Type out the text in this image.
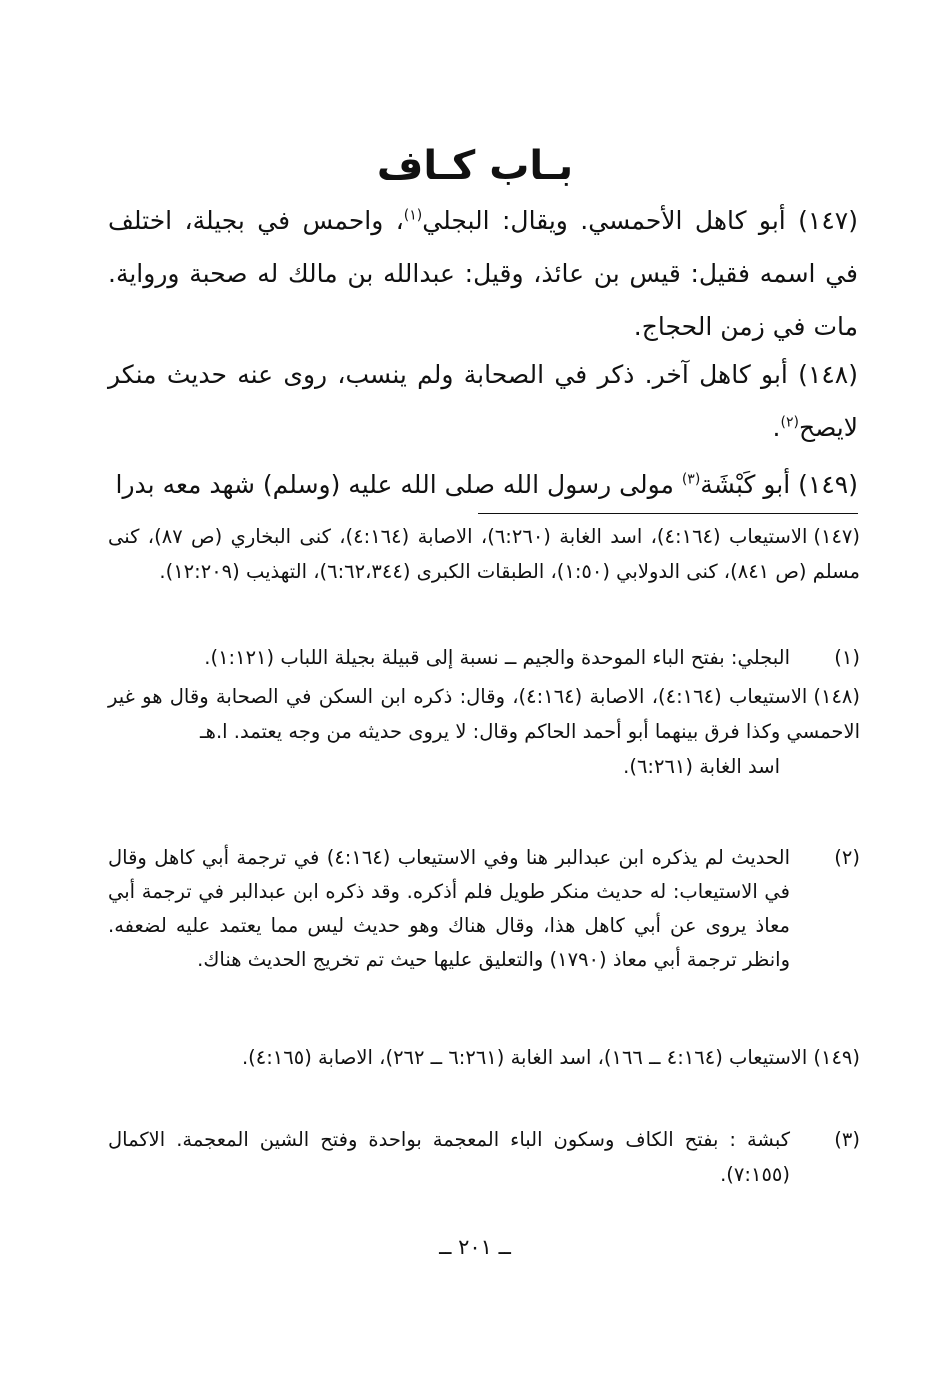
بـاب كـاف
(١٤٧) أبو كاهل الأحمسي. ويقال: البجلي$^{(١)}$، واحمس في بجيلة، اختلف في اسمه فقيل: قيس بن عائذ، وقيل: عبدالله بن مالك له صحبة ورواية. مات في زمن الحجاج.
(١٤٨) أبو كاهل آخر. ذكر في الصحابة ولم ينسب، روى عنه حديث منكر لايصح$^{(٢)}$.
(١٤٩) أبو كَبْشَة$^{(٣)}$ مولى رسول الله صلى الله عليه (وسلم) شهد معه بدرا
(١٤٧)
الاستيعاب (٤:١٦٤)، اسد الغابة (٦:٢٦٠)، الاصابة (٤:١٦٤)، كنى البخاري (ص ٨٧)، كنى مسلم (ص ٨٤١)، كنى الدولابي (١:٥٠)، الطبقات الكبرى (٦:٦٢،٣٤٤)، التهذيب (١٢:٢٠٩).
(١)
البجلي: بفتح الباء الموحدة والجيم ــ نسبة إلى قبيلة بجيلة اللباب (١:١٢١).
(١٤٨)
الاستيعاب (٤:١٦٤)، الاصابة (٤:١٦٤)، وقال: ذكره ابن السكن في الصحابة وقال هو غير الاحمسي وكذا فرق بينهما أبو أحمد الحاكم وقال: لا يروى حديثه من وجه يعتمد. ا.هـ
اسد الغابة (٦:٢٦١).
(٢)
الحديث لم يذكره ابن عبدالبر هنا وفي الاستيعاب (٤:١٦٤) في ترجمة أبي كاهل وقال في الاستيعاب: له حديث منكر طويل فلم أذكره. وقد ذكره ابن عبدالبر في ترجمة أبي معاذ يروى عن أبي كاهل هذا، وقال هناك وهو حديث ليس مما يعتمد عليه لضعفه. وانظر ترجمة أبي معاذ (١٧٩٠) والتعليق عليها حيث تم تخريج الحديث هناك.
(١٤٩)
الاستيعاب (٤:١٦٤ ــ ١٦٦)، اسد الغابة (٦:٢٦١ ــ ٢٦٢)، الاصابة (٤:١٦٥).
(٣)
كبشة : بفتح الكاف وسكون الباء المعجمة بواحدة وفتح الشين المعجمة. الاكمال (٧:١٥٥).
ــ ٢٠١ ــ
